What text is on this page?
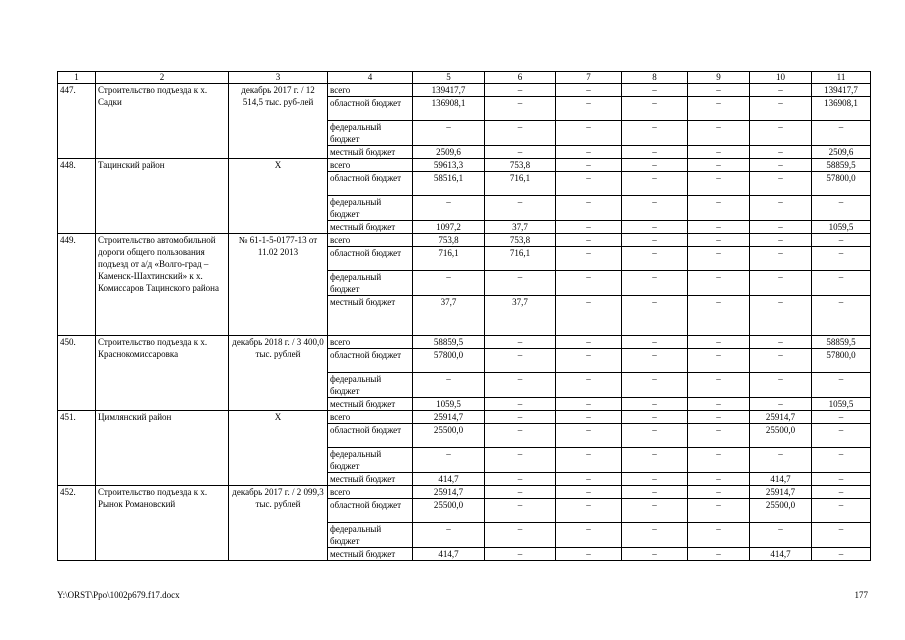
1	2	3	4	5	6	7	8	9	10	11
447.	Строительство подъезда к х. Садки	декабрь 2017 г. / 12 514,5 тыс. руб-лей	всего	139417,7	–	–	–	–	–	139417,7
			областной бюджет	136908,1	–	–	–	–	–	136908,1
			федеральный бюджет	–	–	–	–	–	–	–
			местный бюджет	2509,6	–	–	–	–	–	2509,6
448.	Тацинский район	Х	всего	59613,3	753,8	–	–	–	–	58859,5
			областной бюджет	58516,1	716,1	–	–	–	–	57800,0
			федеральный бюджет	–	–	–	–	–	–	–
			местный бюджет	1097,2	37,7	–	–	–	–	1059,5
449.	Строительство автомобильной дороги общего пользования подъезд от а/д «Волго-град – Каменск-Шахтинский» к х. Комиссаров Тацинского района	№ 61-1-5-0177-13 от 11.02 2013	всего	753,8	753,8	–	–	–	–	–
			областной бюджет	716,1	716,1	–	–	–	–	–
			федеральный бюджет	–	–	–	–	–	–	–
			местный бюджет	37,7	37,7	–	–	–	–	–
450.	Строительство подъезда к х. Краснокомиссаровка	декабрь 2018 г. / 3 400,0 тыс. рублей	всего	58859,5	–	–	–	–	–	58859,5
			областной бюджет	57800,0	–	–	–	–	–	57800,0
			федеральный бюджет	–	–	–	–	–	–	–
			местный бюджет	1059,5	–	–	–	–	–	1059,5
451.	Цимлянский район	Х	всего	25914,7	–	–	–	–	25914,7	–
			областной бюджет	25500,0	–	–	–	–	25500,0	–
			федеральный бюджет	–	–	–	–	–	–	–
			местный бюджет	414,7	–	–	–	–	414,7	–
452.	Строительство подъезда к х. Рынок Романовский	декабрь 2017 г. / 2 099,3 тыс. рублей	всего	25914,7	–	–	–	–	25914,7	–
			областной бюджет	25500,0	–	–	–	–	25500,0	–
			федеральный бюджет	–	–	–	–	–	–	–
			местный бюджет	414,7	–	–	–	–	414,7	–
Y:\ORST\Ppo\1002p679.f17.docx	177
